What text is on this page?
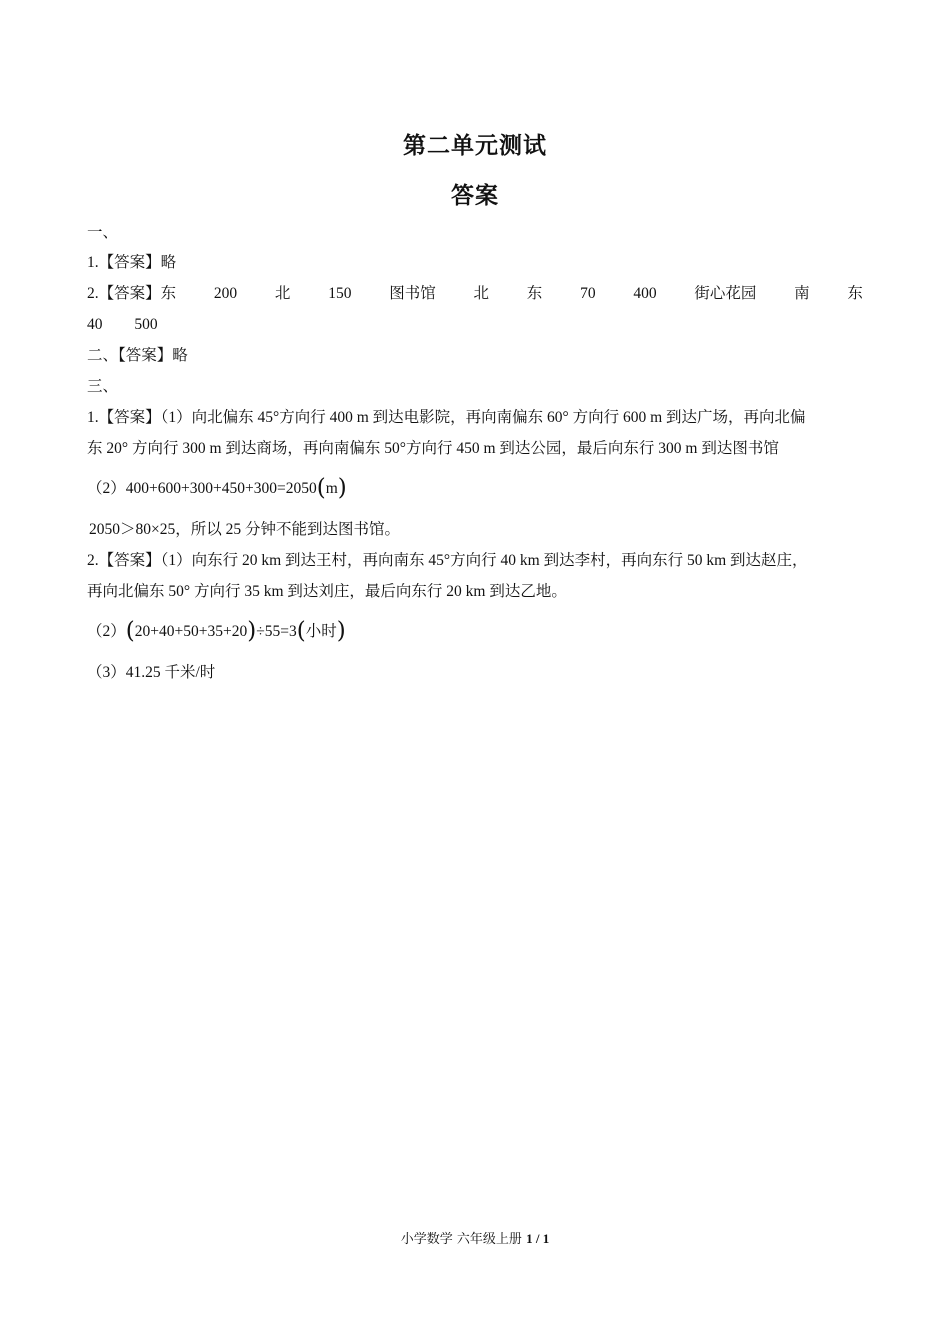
第二单元测试
答案
一、
1.【答案】略
2.【答案】东 200 北 150 图书馆 北 东 70 400 街心花园 南 东
40 500
二、【答案】略
三、
1.【答案】（1）向北偏东 45°方向行 400 m 到达电影院，再向南偏东 60° 方向行 600 m 到达广场，再向北偏
东 20° 方向行 300 m 到达商场，再向南偏东 50°方向行 450 m 到达公园，最后向东行 300 m 到达图书馆
（2）400+600+300+450+300=2050(m)
2050＞80×25，所以 25 分钟不能到达图书馆。
2.【答案】（1）向东行 20 km 到达王村，再向南东 45°方向行 40 km 到达李村，再向东行 50 km 到达赵庄，
再向北偏东 50° 方向行 35 km 到达刘庄，最后向东行 20 km 到达乙地。
（2）(20+40+50+35+20)÷55=3(小时)
（3）41.25 千米/时
小学数学 六年级上册 1 / 1
